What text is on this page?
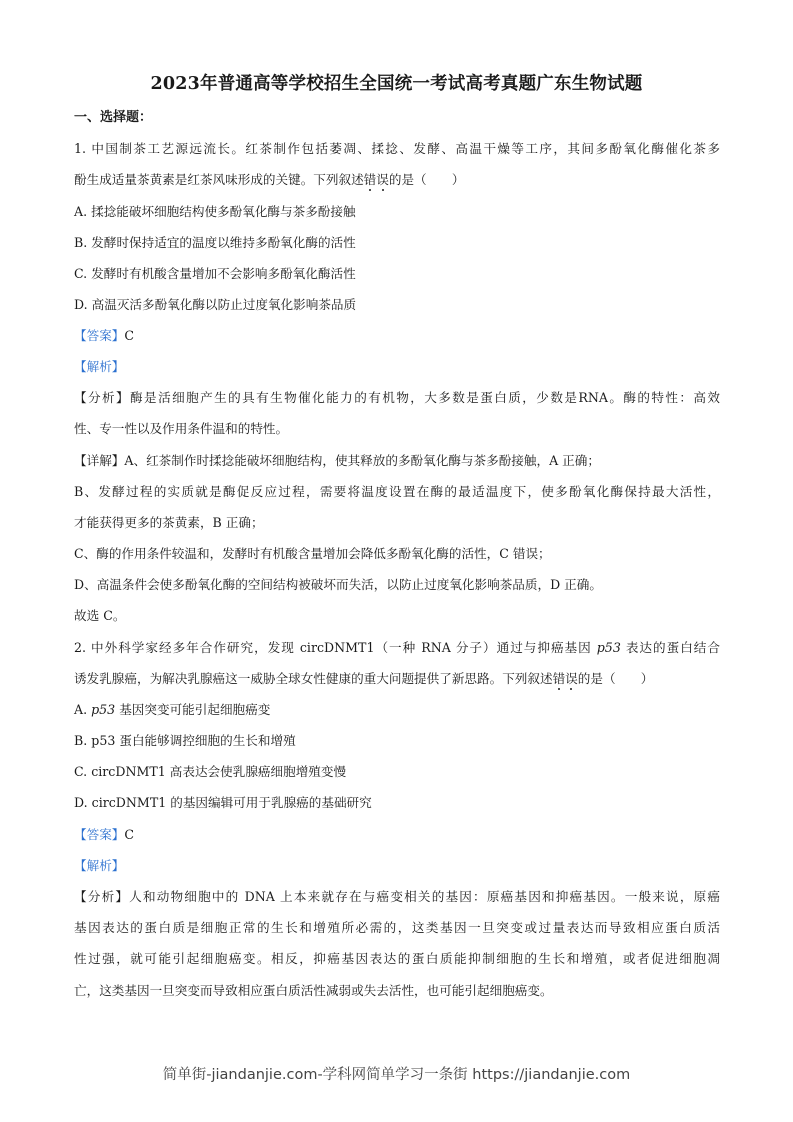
2023年普通高等学校招生全国统一考试高考真题广东生物试题
一、选择题：
1. 中国制茶工艺源远流长。红茶制作包括萎凋、揉捻、发酵、高温干燥等工序，其间多酚氧化酶催化茶多
酚生成适量茶黄素是红茶风味形成的关键。下列叙述错误的是（　　）
A. 揉捻能破坏细胞结构使多酚氧化酶与茶多酚接触
B. 发酵时保持适宜的温度以维持多酚氧化酶的活性
C. 发酵时有机酸含量增加不会影响多酚氧化酶活性
D. 高温灭活多酚氧化酶以防止过度氧化影响茶品质
【答案】C
【解析】
【分析】酶是活细胞产生的具有生物催化能力的有机物，大多数是蛋白质，少数是RNA。酶的特性：高效
性、专一性以及作用条件温和的特性。
【详解】A、红茶制作时揉捻能破坏细胞结构，使其释放的多酚氧化酶与茶多酚接触，A 正确；
B、发酵过程的实质就是酶促反应过程，需要将温度设置在酶的最适温度下，使多酚氧化酶保持最大活性，
才能获得更多的茶黄素，B 正确；
C、酶的作用条件较温和，发酵时有机酸含量增加会降低多酚氧化酶的活性，C 错误；
D、高温条件会使多酚氧化酶的空间结构被破坏而失活，以防止过度氧化影响茶品质，D 正确。
故选 C。
2. 中外科学家经多年合作研究，发现 circDNMT1（一种 RNA 分子）通过与抑癌基因 p53 表达的蛋白结合
诱发乳腺癌，为解决乳腺癌这一威胁全球女性健康的重大问题提供了新思路。下列叙述错误的是（　　）
A. p53 基因突变可能引起细胞癌变
B. p53 蛋白能够调控细胞的生长和增殖
C. circDNMT1 高表达会使乳腺癌细胞增殖变慢
D. circDNMT1 的基因编辑可用于乳腺癌的基础研究
【答案】C
【解析】
【分析】人和动物细胞中的 DNA 上本来就存在与癌变相关的基因：原癌基因和抑癌基因。一般来说，原癌
基因表达的蛋白质是细胞正常的生长和增殖所必需的，这类基因一旦突变或过量表达而导致相应蛋白质活
性过强，就可能引起细胞癌变。相反，抑癌基因表达的蛋白质能抑制细胞的生长和增殖，或者促进细胞凋
亡，这类基因一旦突变而导致相应蛋白质活性减弱或失去活性，也可能引起细胞癌变。
简单街-jiandanjie.com-学科网简单学习一条街 https://jiandanjie.com
